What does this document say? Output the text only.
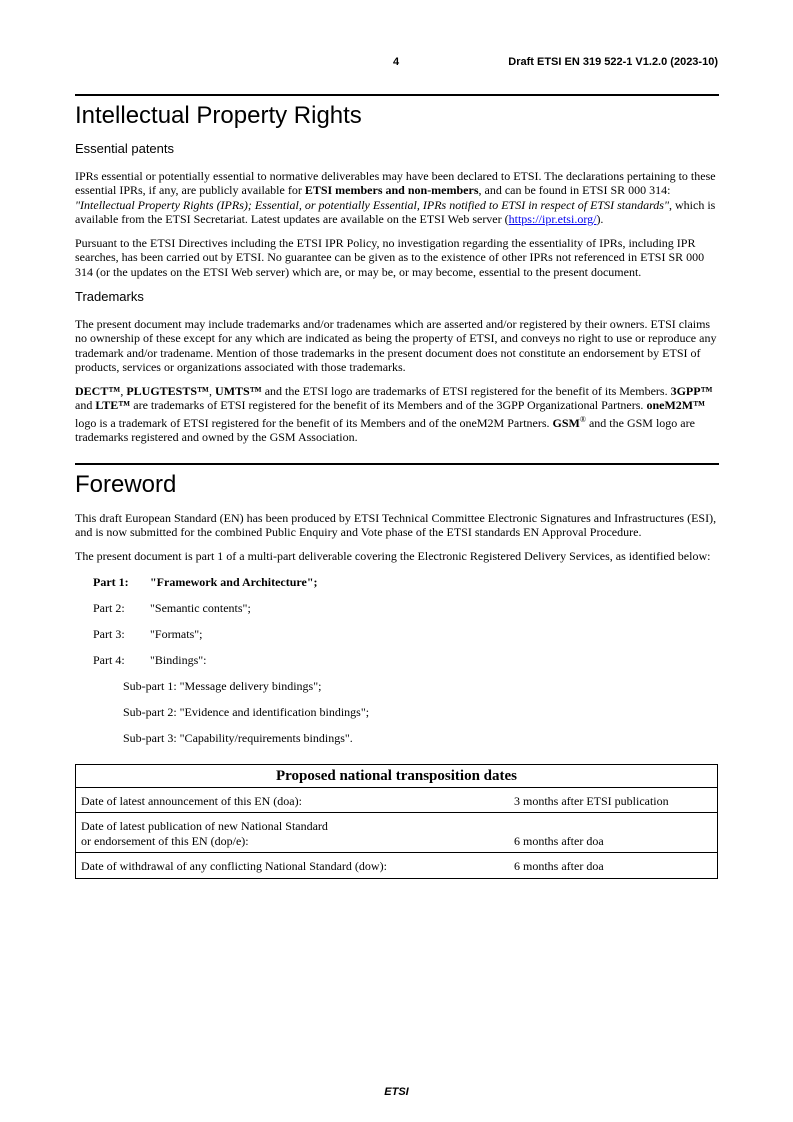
4	Draft ETSI EN 319 522-1 V1.2.0 (2023-10)
Intellectual Property Rights
Essential patents

IPRs essential or potentially essential to normative deliverables may have been declared to ETSI. The declarations pertaining to these essential IPRs, if any, are publicly available for ETSI members and non-members, and can be found in ETSI SR 000 314: "Intellectual Property Rights (IPRs); Essential, or potentially Essential, IPRs notified to ETSI in respect of ETSI standards", which is available from the ETSI Secretariat. Latest updates are available on the ETSI Web server (https://ipr.etsi.org/).

Pursuant to the ETSI Directives including the ETSI IPR Policy, no investigation regarding the essentiality of IPRs, including IPR searches, has been carried out by ETSI. No guarantee can be given as to the existence of other IPRs not referenced in ETSI SR 000 314 (or the updates on the ETSI Web server) which are, or may be, or may become, essential to the present document.

Trademarks

The present document may include trademarks and/or tradenames which are asserted and/or registered by their owners. ETSI claims no ownership of these except for any which are indicated as being the property of ETSI, and conveys no right to use or reproduce any trademark and/or tradename. Mention of those trademarks in the present document does not constitute an endorsement by ETSI of products, services or organizations associated with those trademarks.

DECT™, PLUGTESTS™, UMTS™ and the ETSI logo are trademarks of ETSI registered for the benefit of its Members. 3GPP™ and LTE™ are trademarks of ETSI registered for the benefit of its Members and of the 3GPP Organizational Partners. oneM2M™ logo is a trademark of ETSI registered for the benefit of its Members and of the oneM2M Partners. GSM® and the GSM logo are trademarks registered and owned by the GSM Association.

Foreword

This draft European Standard (EN) has been produced by ETSI Technical Committee Electronic Signatures and Infrastructures (ESI), and is now submitted for the combined Public Enquiry and Vote phase of the ETSI standards EN Approval Procedure.

The present document is part 1 of a multi-part deliverable covering the Electronic Registered Delivery Services, as identified below:

Part 1:	"Framework and Architecture";
Part 2:	"Semantic contents";
Part 3:	"Formats";
Part 4:	"Bindings":
Sub-part 1: "Message delivery bindings";
Sub-part 2: "Evidence and identification bindings";
Sub-part 3: "Capability/requirements bindings".
Proposed national transposition dates	
Date of latest announcement of this EN (doa):	3 months after ETSI publication
Date of latest publication of new National Standard
or endorsement of this EN (dop/e):	6 months after doa
Date of withdrawal of any conflicting National Standard (dow):	6 months after doa
ETSI
